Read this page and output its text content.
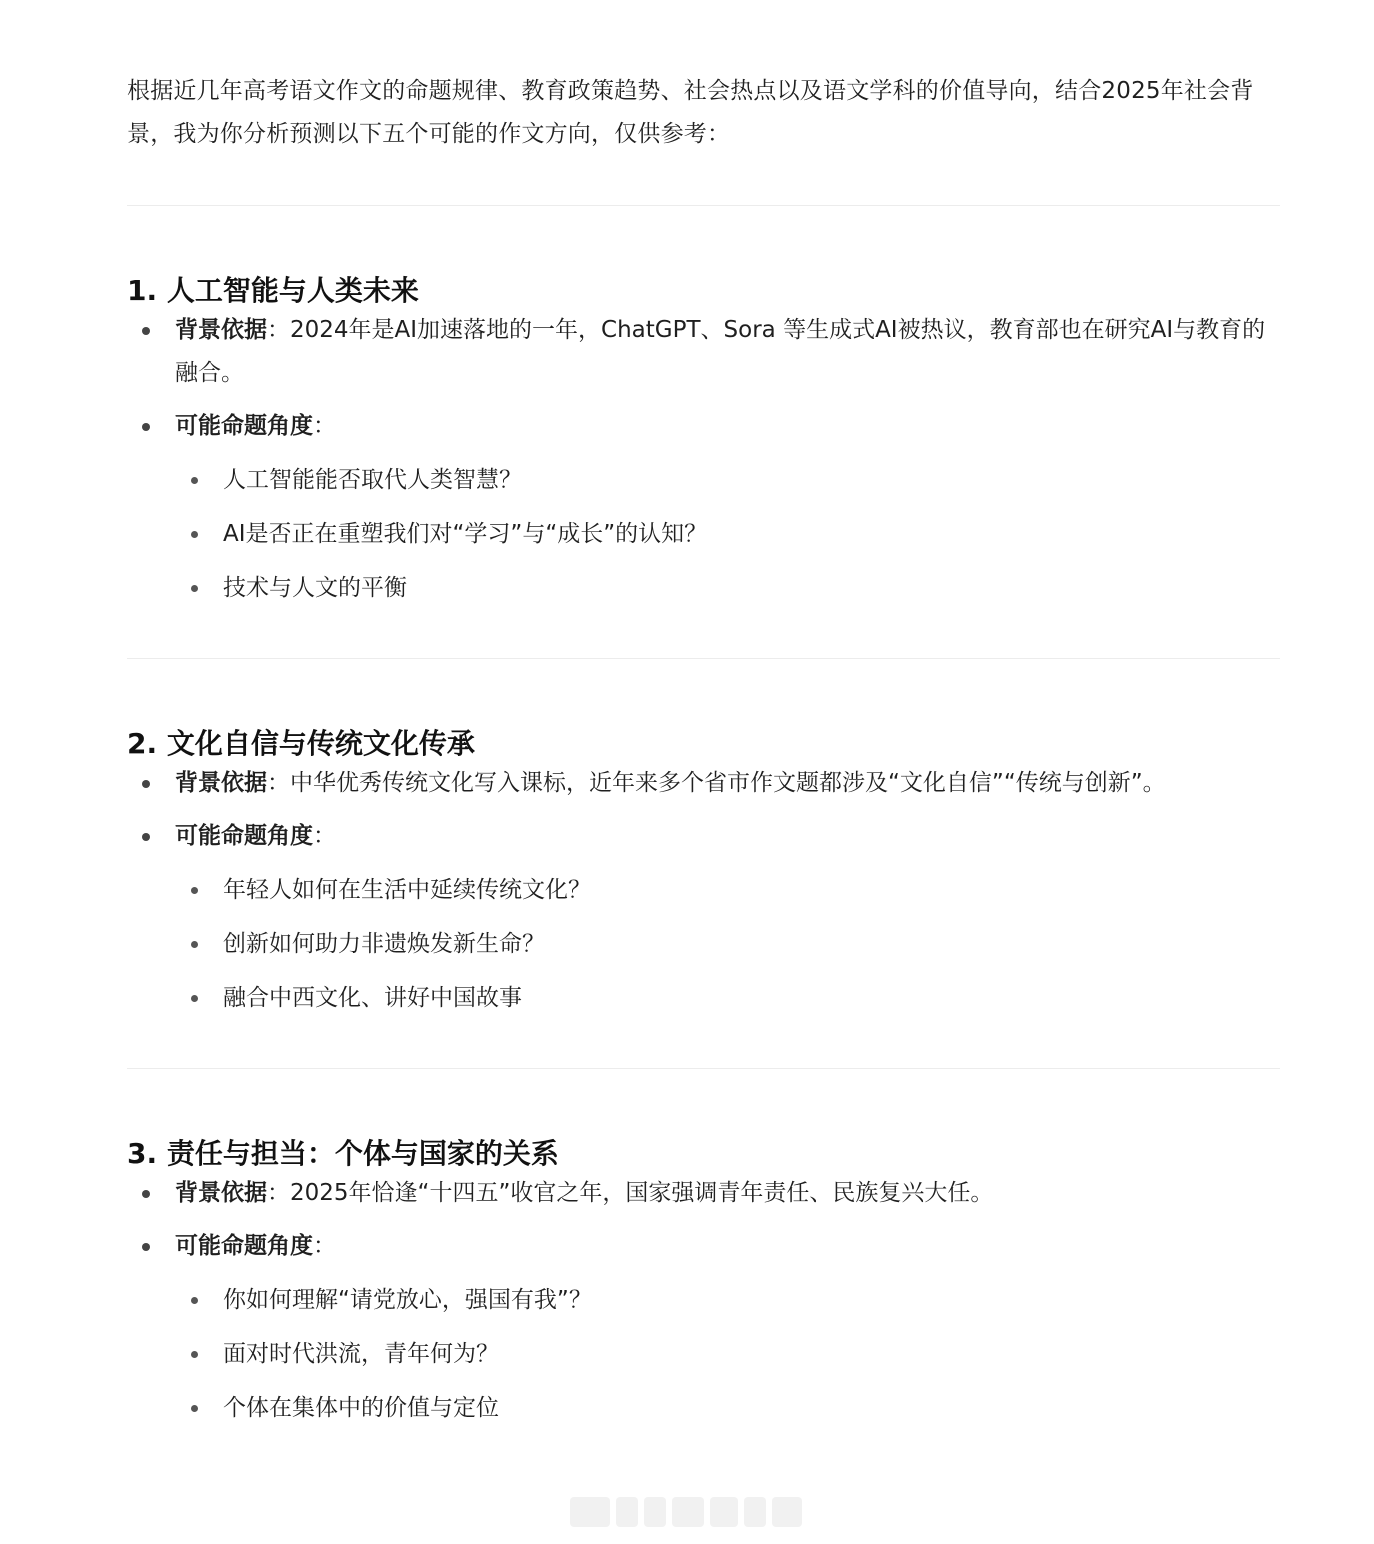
根据近几年高考语文作文的命题规律、教育政策趋势、社会热点以及语文学科的价值导向，结合2025年社会背景，我为你分析预测以下五个可能的作文方向，仅供参考：

1. 人工智能与人类未来
背景依据：2024年是AI加速落地的一年，ChatGPT、Sora 等生成式AI被热议，教育部也在研究AI与教育的融合。
可能命题角度：
人工智能能否取代人类智慧？
AI是否正在重塑我们对“学习”与“成长”的认知？
技术与人文的平衡
2. 文化自信与传统文化传承
背景依据：中华优秀传统文化写入课标，近年来多个省市作文题都涉及“文化自信”“传统与创新”。
可能命题角度：
年轻人如何在生活中延续传统文化？
创新如何助力非遗焕发新生命？
融合中西文化、讲好中国故事
3. 责任与担当：个体与国家的关系
背景依据：2025年恰逢“十四五”收官之年，国家强调青年责任、民族复兴大任。
可能命题角度：
你如何理解“请党放心，强国有我”？
面对时代洪流，青年何为？
个体在集体中的价值与定位
